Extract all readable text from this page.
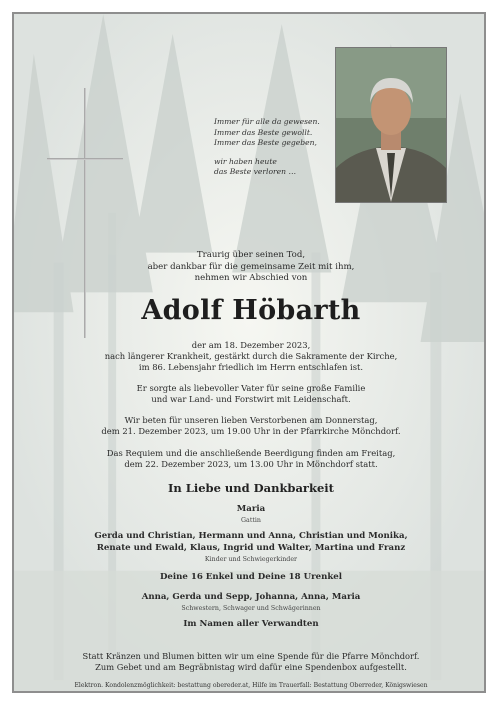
Immer für alle da gewesen.
Immer das Beste gewollt.
Immer das Beste gegeben,
wir haben heute
das Beste verloren …
Traurig über seinen Tod,
aber dankbar für die gemeinsame Zeit mit ihm,
nehmen wir Abschied von
Adolf Höbarth
der am 18. Dezember 2023,
nach längerer Krankheit, gestärkt durch die Sakramente der Kirche,
im 86. Lebensjahr friedlich im Herrn entschlafen ist.
Er sorgte als liebevoller Vater für seine große Familie
und war Land- und Forstwirt mit Leidenschaft.
Wir beten für unseren lieben Verstorbenen am Donnerstag,
dem 21. Dezember 2023, um 19.00 Uhr in der Pfarrkirche Mönchdorf.
Das Requiem und die anschließende Beerdigung finden am Freitag,
dem 22. Dezember 2023, um 13.00 Uhr in Mönchdorf statt.
In Liebe und Dankbarkeit
Maria
Gattin
Gerda und Christian, Hermann und Anna, Christian und Monika,
Renate und Ewald, Klaus, Ingrid und Walter, Martina und Franz
Kinder und Schwiegerkinder
Deine 16 Enkel und Deine 18 Urenkel
Anna, Gerda und Sepp, Johanna, Anna, Maria
Schwestern, Schwager und Schwägerinnen
Im Namen aller Verwandten
Statt Kränzen und Blumen bitten wir um eine Spende für die Pfarre Mönchdorf.
Zum Gebet und am Begräbnistag wird dafür eine Spendenbox aufgestellt.
Elektron. Kondolenzmöglichkeit: bestattung obereder.at, Hilfe im Trauerfall: Bestattung Oberreder, Königswiesen
